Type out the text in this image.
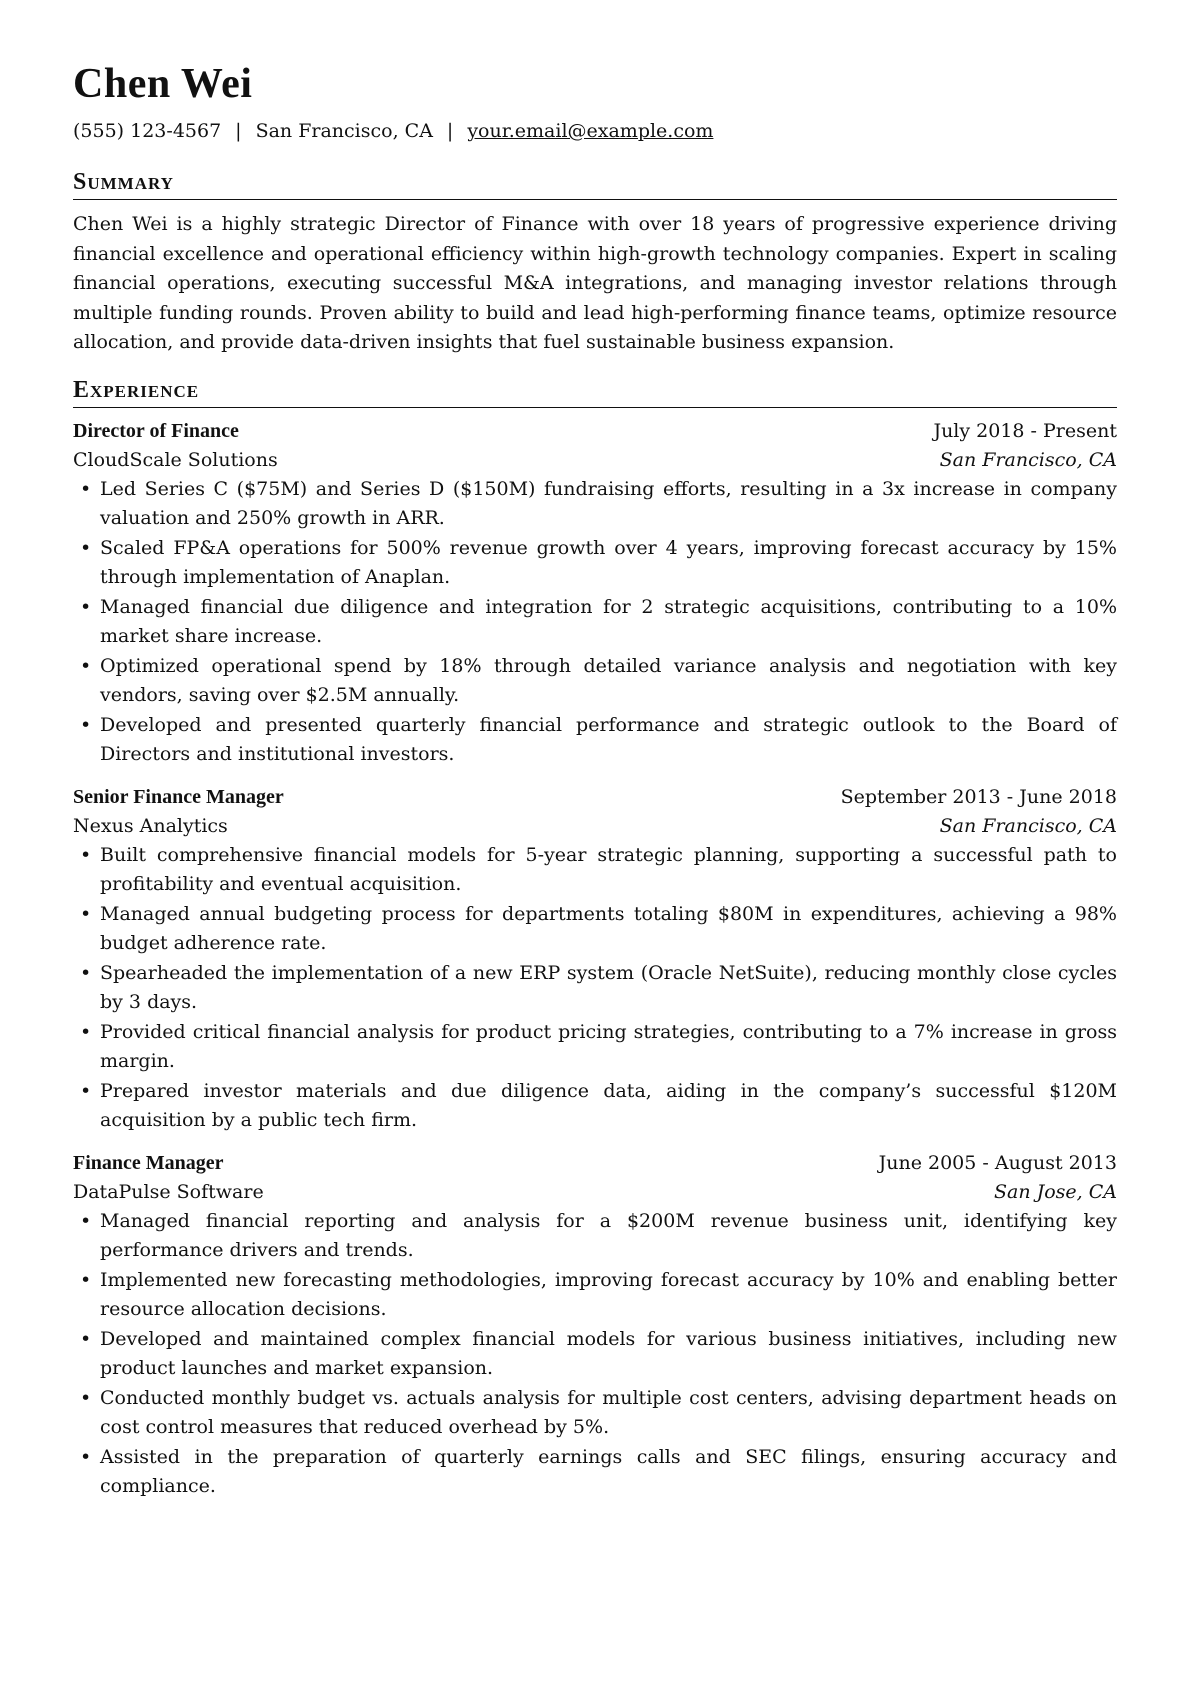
Chen Wei
(555) 123-4567 | San Francisco, CA | your.email@example.com
Summary

Chen Wei is a highly strategic Director of Finance with over 18 years of progressive experience driving financial excellence and operational efficiency within high-growth technology companies. Expert in scaling financial operations, executing successful M&A integrations, and managing investor relations through multiple funding rounds. Proven ability to build and lead high-performing finance teams, optimize resource allocation, and provide data-driven insights that fuel sustainable business expansion.

Experience
Director of Finance	July 2018 - Present
CloudScale Solutions	San Francisco, CA
• Led Series C ($75M) and Series D ($150M) fundraising efforts, resulting in a 3x increase in company valuation and 250% growth in ARR.
• Scaled FP&A operations for 500% revenue growth over 4 years, improving forecast accuracy by 15% through implementation of Anaplan.
• Managed financial due diligence and integration for 2 strategic acquisitions, contributing to a 10% market share increase.
• Optimized operational spend by 18% through detailed variance analysis and negotiation with key vendors, saving over $2.5M annually.
• Developed and presented quarterly financial performance and strategic outlook to the Board of Directors and institutional investors.
Senior Finance Manager	September 2013 - June 2018
Nexus Analytics	San Francisco, CA
• Built comprehensive financial models for 5-year strategic planning, supporting a successful path to profitability and eventual acquisition.
• Managed annual budgeting process for departments totaling $80M in expenditures, achieving a 98% budget adherence rate.
• Spearheaded the implementation of a new ERP system (Oracle NetSuite), reducing monthly close cycles by 3 days.
• Provided critical financial analysis for product pricing strategies, contributing to a 7% increase in gross margin.
• Prepared investor materials and due diligence data, aiding in the company’s successful $120M acquisition by a public tech firm.
Finance Manager	June 2005 - August 2013
DataPulse Software	San Jose, CA
• Managed financial reporting and analysis for a $200M revenue business unit, identifying key performance drivers and trends.
• Implemented new forecasting methodologies, improving forecast accuracy by 10% and enabling better resource allocation decisions.
• Developed and maintained complex financial models for various business initiatives, including new product launches and market expansion.
• Conducted monthly budget vs. actuals analysis for multiple cost centers, advising department heads on cost control measures that reduced overhead by 5%.
• Assisted in the preparation of quarterly earnings calls and SEC filings, ensuring accuracy and compliance.
